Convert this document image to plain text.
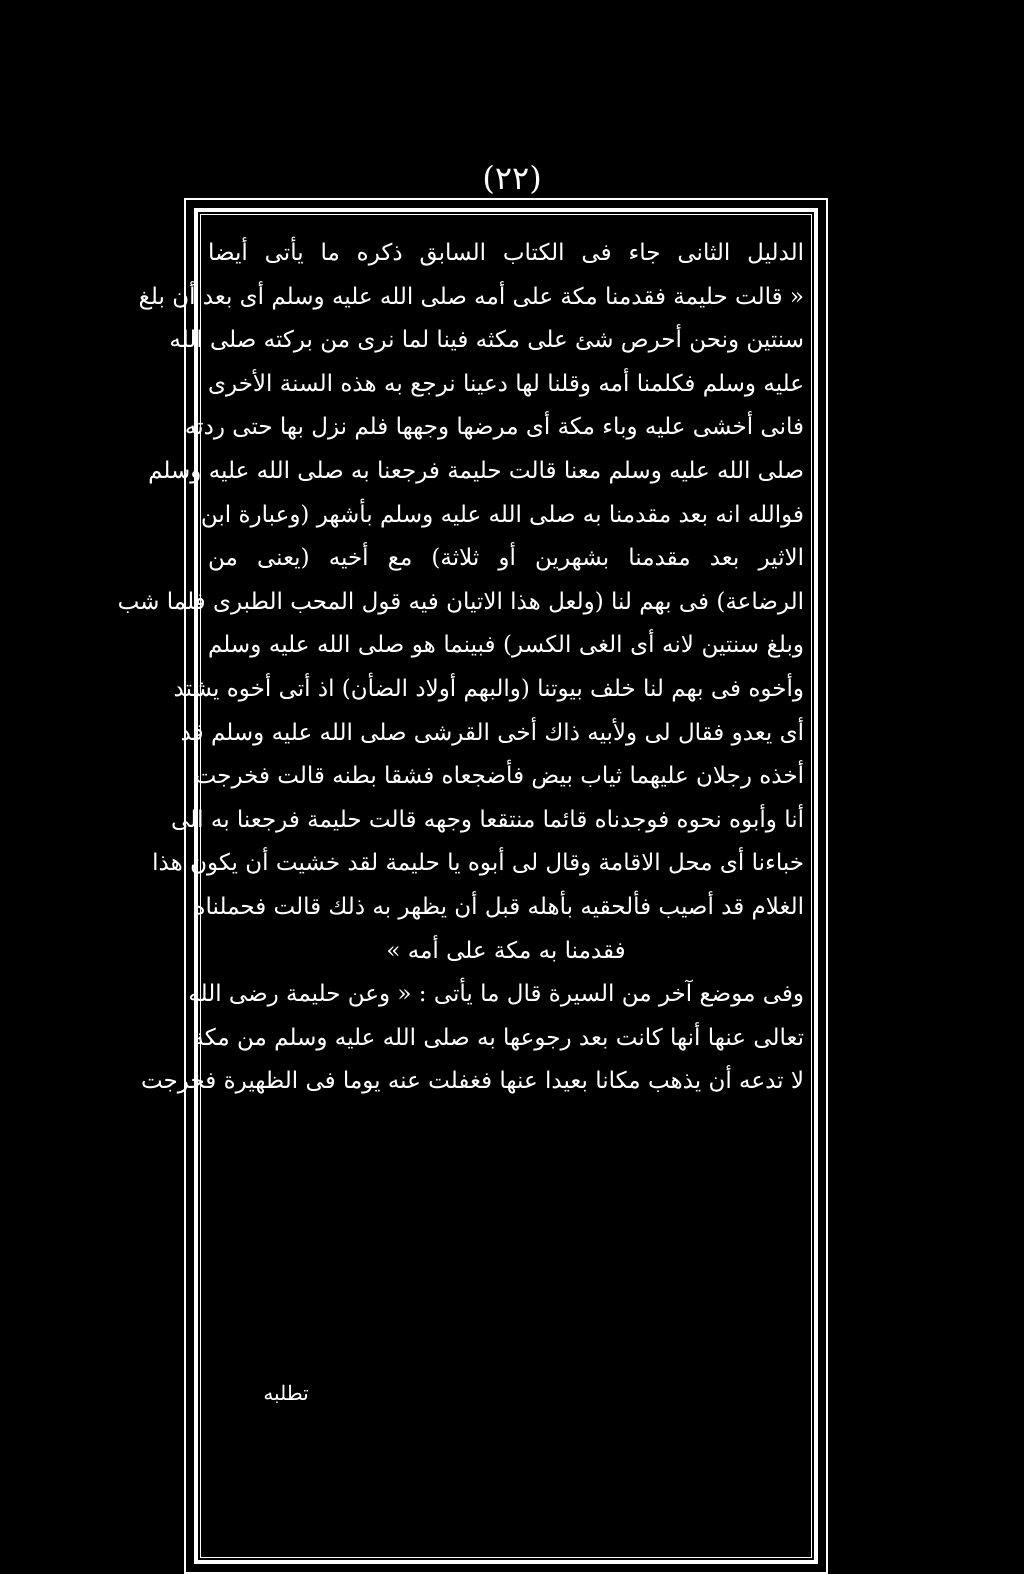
(٢٢)
الدليل الثانى جاء فى الكتاب السابق ذكره ما يأتى أيضا
« قالت حليمة فقدمنا مكة على أمه صلى الله عليه وسلم أى بعد أن بلغ
سنتين ونحن أحرص شئ على مكثه فينا لما نرى من بركته صلى الله
عليه وسلم فكلمنا أمه وقلنا لها دعينا نرجع به هذه السنة الأخرى
فانى أخشى عليه وباء مكة أى مرضها وجهها فلم نزل بها حتى ردته
صلى الله عليه وسلم معنا قالت حليمة فرجعنا به صلى الله عليه وسلم
فوالله انه بعد مقدمنا به صلى الله عليه وسلم بأشهر (وعبارة ابن
الاثير بعد مقدمنا بشهرين أو ثلاثة) مع أخيه (يعنى من
الرضاعة) فى بهم لنا (ولعل هذا الاتيان فيه قول المحب الطبرى فلما شب
وبلغ سنتين لانه أى الغى الكسر) فبينما هو صلى الله عليه وسلم
وأخوه فى بهم لنا خلف بيوتنا (والبهم أولاد الضأن) اذ أتى أخوه يشتد
أى يعدو فقال لى ولأبيه ذاك أخى القرشى صلى الله عليه وسلم قد
أخذه رجلان عليهما ثياب بيض فأضجعاه فشقا بطنه قالت فخرجت
أنا وأبوه نحوه فوجدناه قائما منتقعا وجهه قالت حليمة فرجعنا به الى
خباءنا أى محل الاقامة وقال لى أبوه يا حليمة لقد خشيت أن يكون هذا
الغلام قد أصيب فألحقيه بأهله قبل أن يظهر به ذلك قالت فحملناه
فقدمنا به مكة على أمه »
وفى موضع آخر من السيرة قال ما يأتى : « وعن حليمة رضى الله
تعالى عنها أنها كانت بعد رجوعها به صلى الله عليه وسلم من مكة
لا تدعه أن يذهب مكانا بعيدا عنها فغفلت عنه يوما فى الظهيرة فخرجت
تطلبه
